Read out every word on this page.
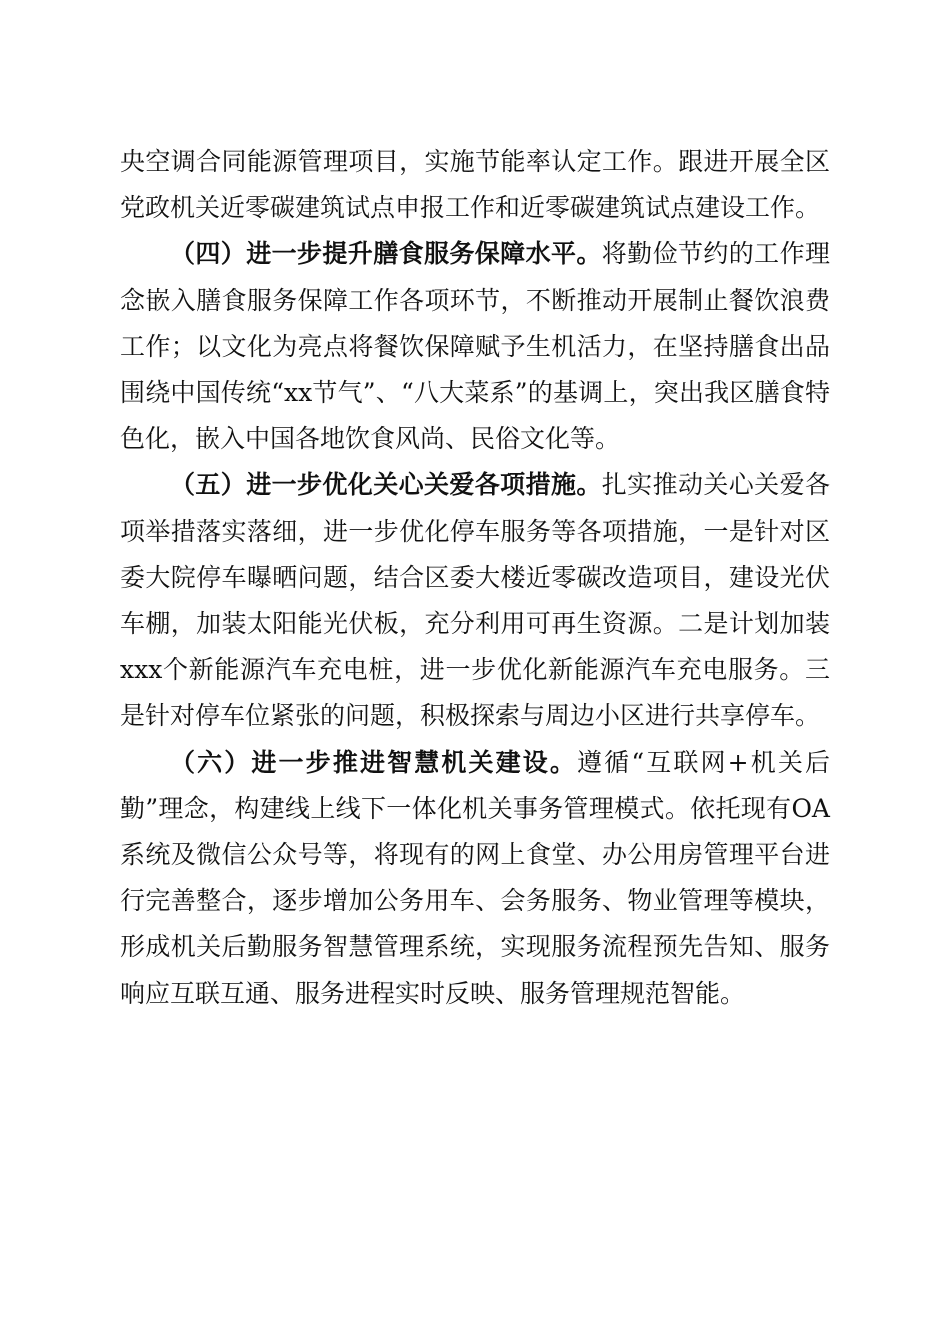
央空调合同能源管理项目，实施节能率认定工作。跟进开展全区党政机关近零碳建筑试点申报工作和近零碳建筑试点建设工作。

（四）进一步提升膳食服务保障水平。将勤俭节约的工作理念嵌入膳食服务保障工作各项环节，不断推动开展制止餐饮浪费工作；以文化为亮点将餐饮保障赋予生机活力，在坚持膳食出品围绕中国传统“xx节气”、“八大菜系”的基调上，突出我区膳食特色化，嵌入中国各地饮食风尚、民俗文化等。

（五）进一步优化关心关爱各项措施。扎实推动关心关爱各项举措落实落细，进一步优化停车服务等各项措施，一是针对区委大院停车曝晒问题，结合区委大楼近零碳改造项目，建设光伏车棚，加装太阳能光伏板，充分利用可再生资源。二是计划加装xxx个新能源汽车充电桩，进一步优化新能源汽车充电服务。三是针对停车位紧张的问题，积极探索与周边小区进行共享停车。

（六）进一步推进智慧机关建设。遵循“互联网+机关后勤”理念，构建线上线下一体化机关事务管理模式。依托现有OA系统及微信公众号等，将现有的网上食堂、办公用房管理平台进行完善整合，逐步增加公务用车、会务服务、物业管理等模块，形成机关后勤服务智慧管理系统，实现服务流程预先告知、服务响应互联互通、服务进程实时反映、服务管理规范智能。
